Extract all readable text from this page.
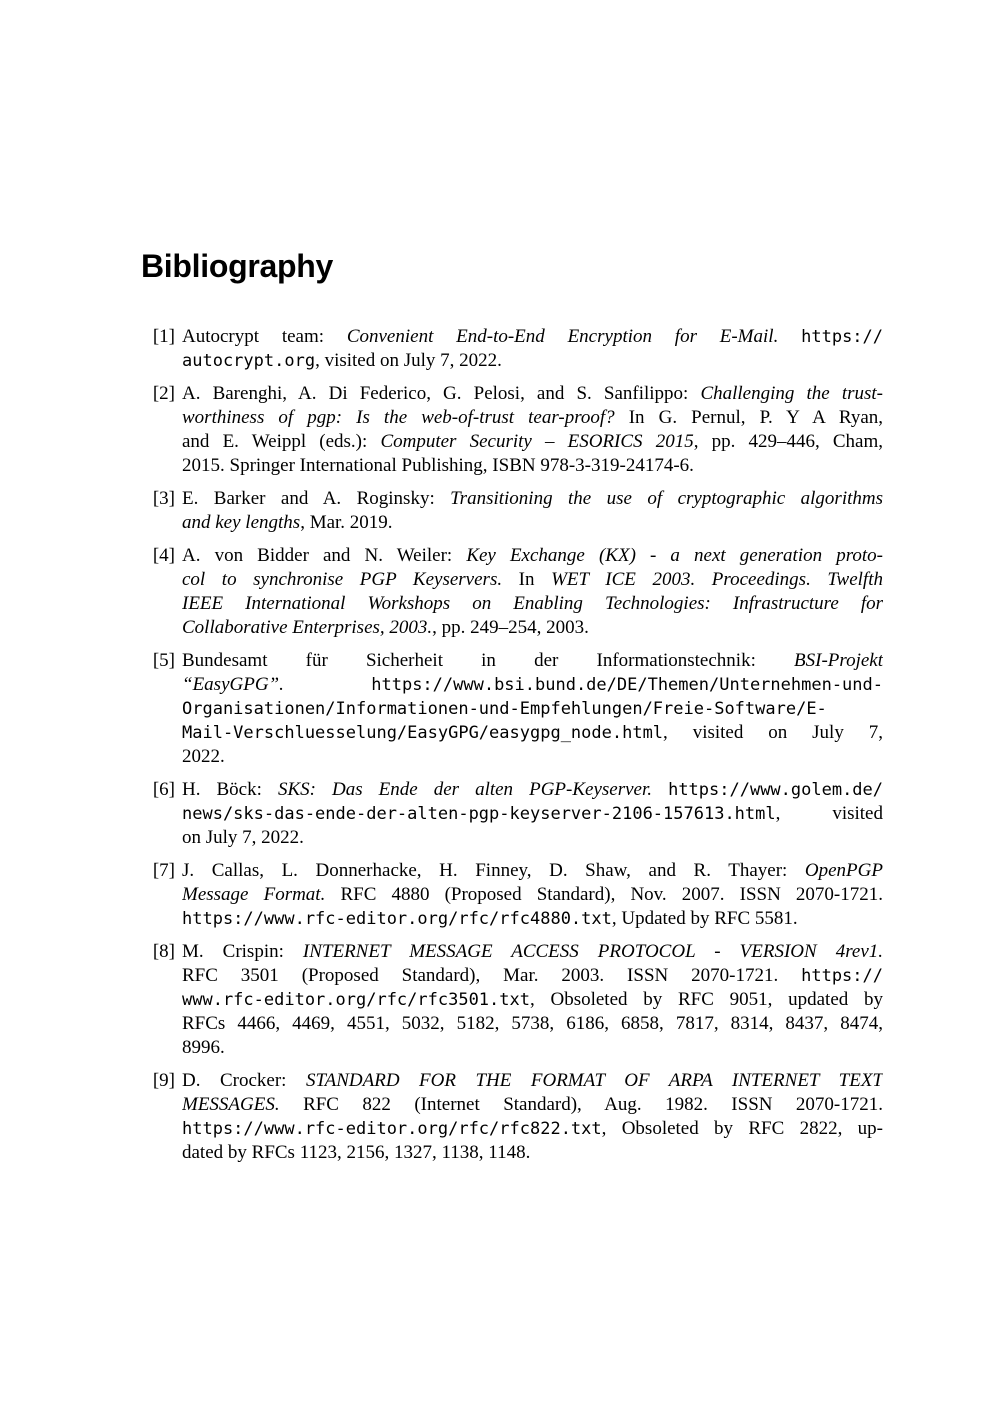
Bibliography
[1] Autocrypt team: Convenient End-to-End Encryption for E-Mail. https://
autocrypt.org, visited on July 7, 2022.
[2] A. Barenghi, A. Di Federico, G. Pelosi, and S. Sanfilippo: Challenging the trust-
worthiness of pgp: Is the web-of-trust tear-proof? In G. Pernul, P. Y A Ryan,
and E. Weippl (eds.): Computer Security – ESORICS 2015, pp. 429–446, Cham,
2015. Springer International Publishing, ISBN 978-3-319-24174-6.
[3] E. Barker and A. Roginsky: Transitioning the use of cryptographic algorithms
and key lengths, Mar. 2019.
[4] A. von Bidder and N. Weiler: Key Exchange (KX) - a next generation proto-
col to synchronise PGP Keyservers. In WET ICE 2003. Proceedings. Twelfth
IEEE International Workshops on Enabling Technologies: Infrastructure for
Collaborative Enterprises, 2003., pp. 249–254, 2003.
[5] Bundesamt für Sicherheit in der Informationstechnik: BSI-Projekt
“EasyGPG”.	https://www.bsi.bund.de/DE/Themen/Unternehmen-und-
Organisationen/Informationen-und-Empfehlungen/Freie-Software/E-
Mail-Verschluesselung/EasyGPG/easygpg_node.html, visited on July 7,
2022.
[6] H. Böck: SKS: Das Ende der alten PGP-Keyserver. https://www.golem.de/
news/sks-das-ende-der-alten-pgp-keyserver-2106-157613.html, visited
on July 7, 2022.
[7] J. Callas, L. Donnerhacke, H. Finney, D. Shaw, and R. Thayer: OpenPGP
Message Format. RFC 4880 (Proposed Standard), Nov. 2007. ISSN 2070-1721.
https://www.rfc-editor.org/rfc/rfc4880.txt, Updated by RFC 5581.
[8] M. Crispin: INTERNET MESSAGE ACCESS PROTOCOL - VERSION 4rev1.
RFC 3501 (Proposed Standard), Mar. 2003. ISSN 2070-1721. https://
www.rfc-editor.org/rfc/rfc3501.txt, Obsoleted by RFC 9051, updated by
RFCs 4466, 4469, 4551, 5032, 5182, 5738, 6186, 6858, 7817, 8314, 8437, 8474,
8996.
[9] D. Crocker: STANDARD FOR THE FORMAT OF ARPA INTERNET TEXT
MESSAGES. RFC 822 (Internet Standard), Aug. 1982. ISSN 2070-1721.
https://www.rfc-editor.org/rfc/rfc822.txt, Obsoleted by RFC 2822, up-
dated by RFCs 1123, 2156, 1327, 1138, 1148.
